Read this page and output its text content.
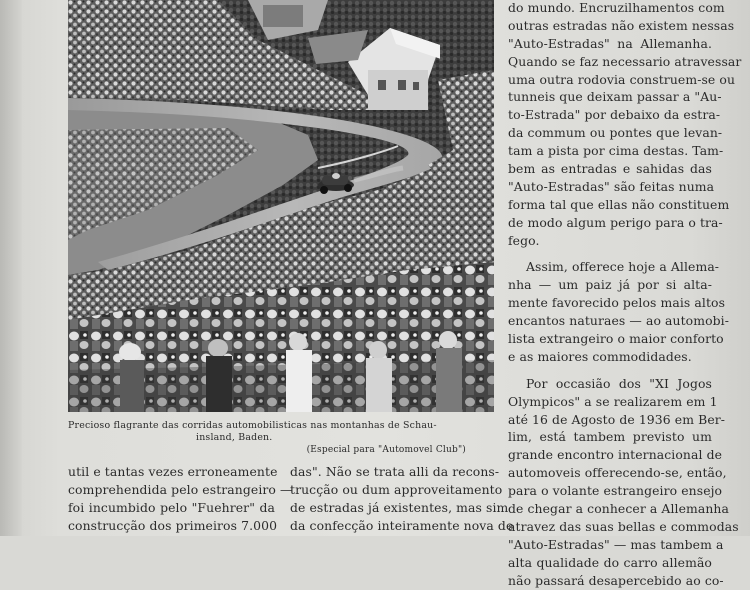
Precioso flagrante das corridas automobilisticas nas montanhas de Schau-
insland, Baden.
(Especial para "Automovel Club")
do mundo. Encruzilhamentos com
outras estradas não existem nessas
"Auto-Estradas" na Allemanha.
Quando se faz necessario atravessar
uma outra rodovia construem-se ou
tunneis que deixam passar a "Au-
to-Estrada" por debaixo da estra-
da commum ou pontes que levan-
tam a pista por cima destas. Tam-
bem as entradas e sahidas das
"Auto-Estradas" são feitas numa
forma tal que ellas não constituem
de modo algum perigo para o tra-
fego.
Assim, offerece hoje a Allema-
nha — um paiz já por si alta-
mente favorecido pelos mais altos
encantos naturaes — ao automobi-
lista extrangeiro o maior conforto
e as maiores commodidades.
Por occasião dos "XI Jogos
Olympicos" a se realizarem em 1
até 16 de Agosto de 1936 em Ber-
lim, está tambem previsto um
grande encontro internacional de
automoveis offerecendo-se, então,
para o volante estrangeiro ensejo
de chegar a conhecer a Allemanha
atravez das suas bellas e commodas
"Auto-Estradas" — mas tambem a
alta qualidade do carro allemão
não passará desapercebido ao co-
util e tantas vezes erroneamente
comprehendida pelo estrangeiro —
foi incumbido pelo "Fuehrer" da
construcção dos primeiros 7.000
das". Não se trata alli da recons-
trucção ou dum approveitamento
de estradas já existentes, mas sim
da confecção inteiramente nova de
